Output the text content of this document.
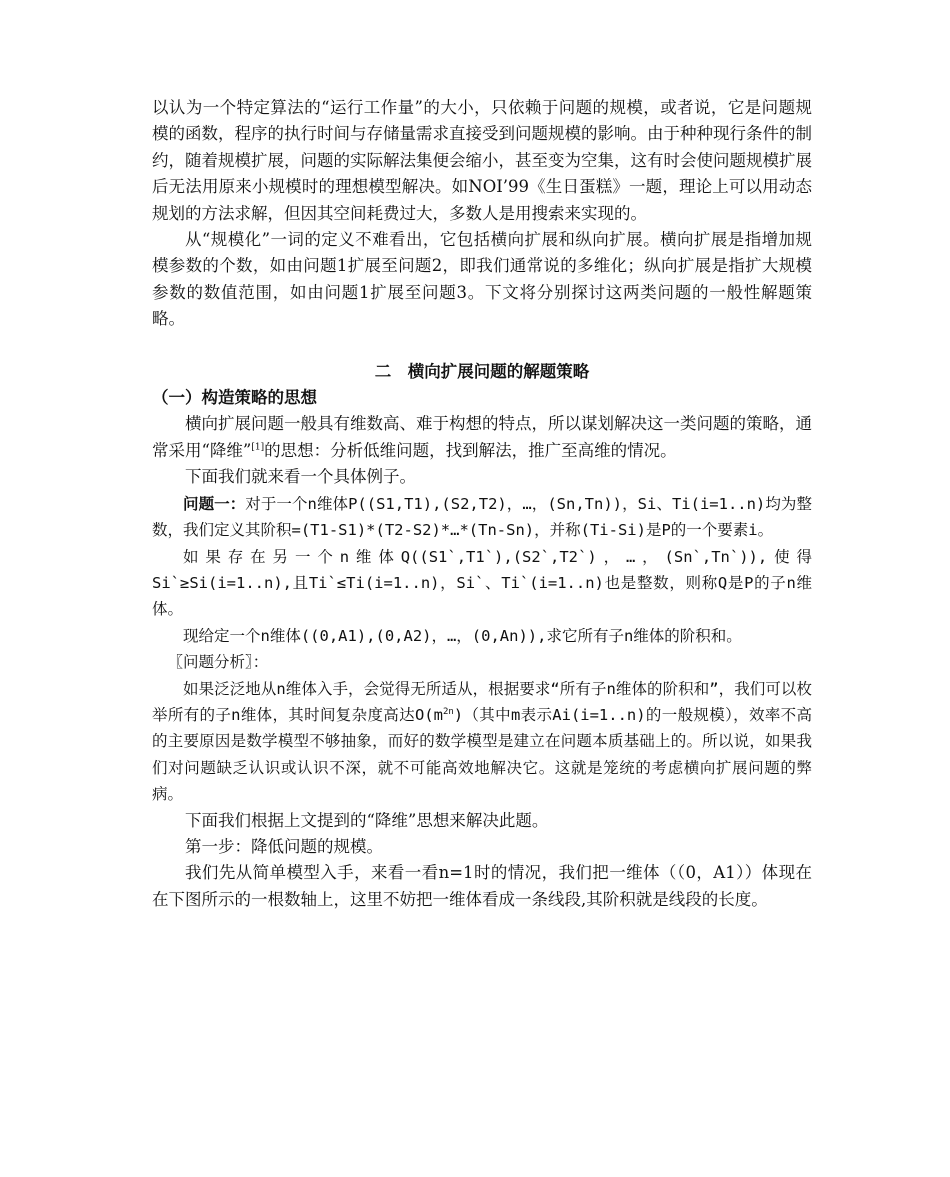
以认为一个特定算法的“运行工作量”的大小，只依赖于问题的规模，或者说，它是问题规模的函数，程序的执行时间与存储量需求直接受到问题规模的影响。由于种种现行条件的制约，随着规模扩展，问题的实际解法集便会缩小，甚至变为空集，这有时会使问题规模扩展后无法用原来小规模时的理想模型解决。如NOI’99《生日蛋糕》一题，理论上可以用动态规划的方法求解，但因其空间耗费过大，多数人是用搜索来实现的。

从“规模化”一词的定义不难看出，它包括横向扩展和纵向扩展。横向扩展是指增加规模参数的个数，如由问题1扩展至问题2，即我们通常说的多维化；纵向扩展是指扩大规模参数的数值范围，如由问题1扩展至问题3。下文将分别探讨这两类问题的一般性解题策略。

二　横向扩展问题的解题策略

（一）构造策略的思想

横向扩展问题一般具有维数高、难于构想的特点，所以谋划解决这一类问题的策略，通常采用“降维”[1]的思想：分析低维问题，找到解法，推广至高维的情况。

下面我们就来看一个具体例子。

问题一：对于一个n维体P((S1,T1),(S2,T2)，…，(Sn,Tn))，Si、Ti(i=1..n)均为整数，我们定义其阶积=(T1-S1)*(T2-S2)*…*(Tn-Sn)，并称(Ti-Si)是P的一个要素i。

如果存在另一个n维体Q((S1`,T1`),(S2`,T2`)，…，(Sn`,Tn`)),使得Si`≥Si(i=1..n),且Ti`≤Ti(i=1..n)，Si`、Ti`(i=1..n)也是整数，则称Q是P的子n维体。

现给定一个n维体((0,A1),(0,A2)，…，(0,An)),求它所有子n维体的阶积和。

〖问题分析〗：

如果泛泛地从n维体入手，会觉得无所适从，根据要求“所有子n维体的阶积和”，我们可以枚举所有的子n维体，其时间复杂度高达$O(m^{2n})$（其中m表示Ai(i=1..n)的一般规模），效率不高的主要原因是数学模型不够抽象，而好的数学模型是建立在问题本质基础上的。所以说，如果我们对问题缺乏认识或认识不深，就不可能高效地解决它。这就是笼统的考虑横向扩展问题的弊病。

下面我们根据上文提到的“降维”思想来解决此题。

第一步：降低问题的规模。

我们先从简单模型入手，来看一看n=1时的情况，我们把一维体（（0，A1））体现在在下图所示的一根数轴上，这里不妨把一维体看成一条线段,其阶积就是线段的长度。
